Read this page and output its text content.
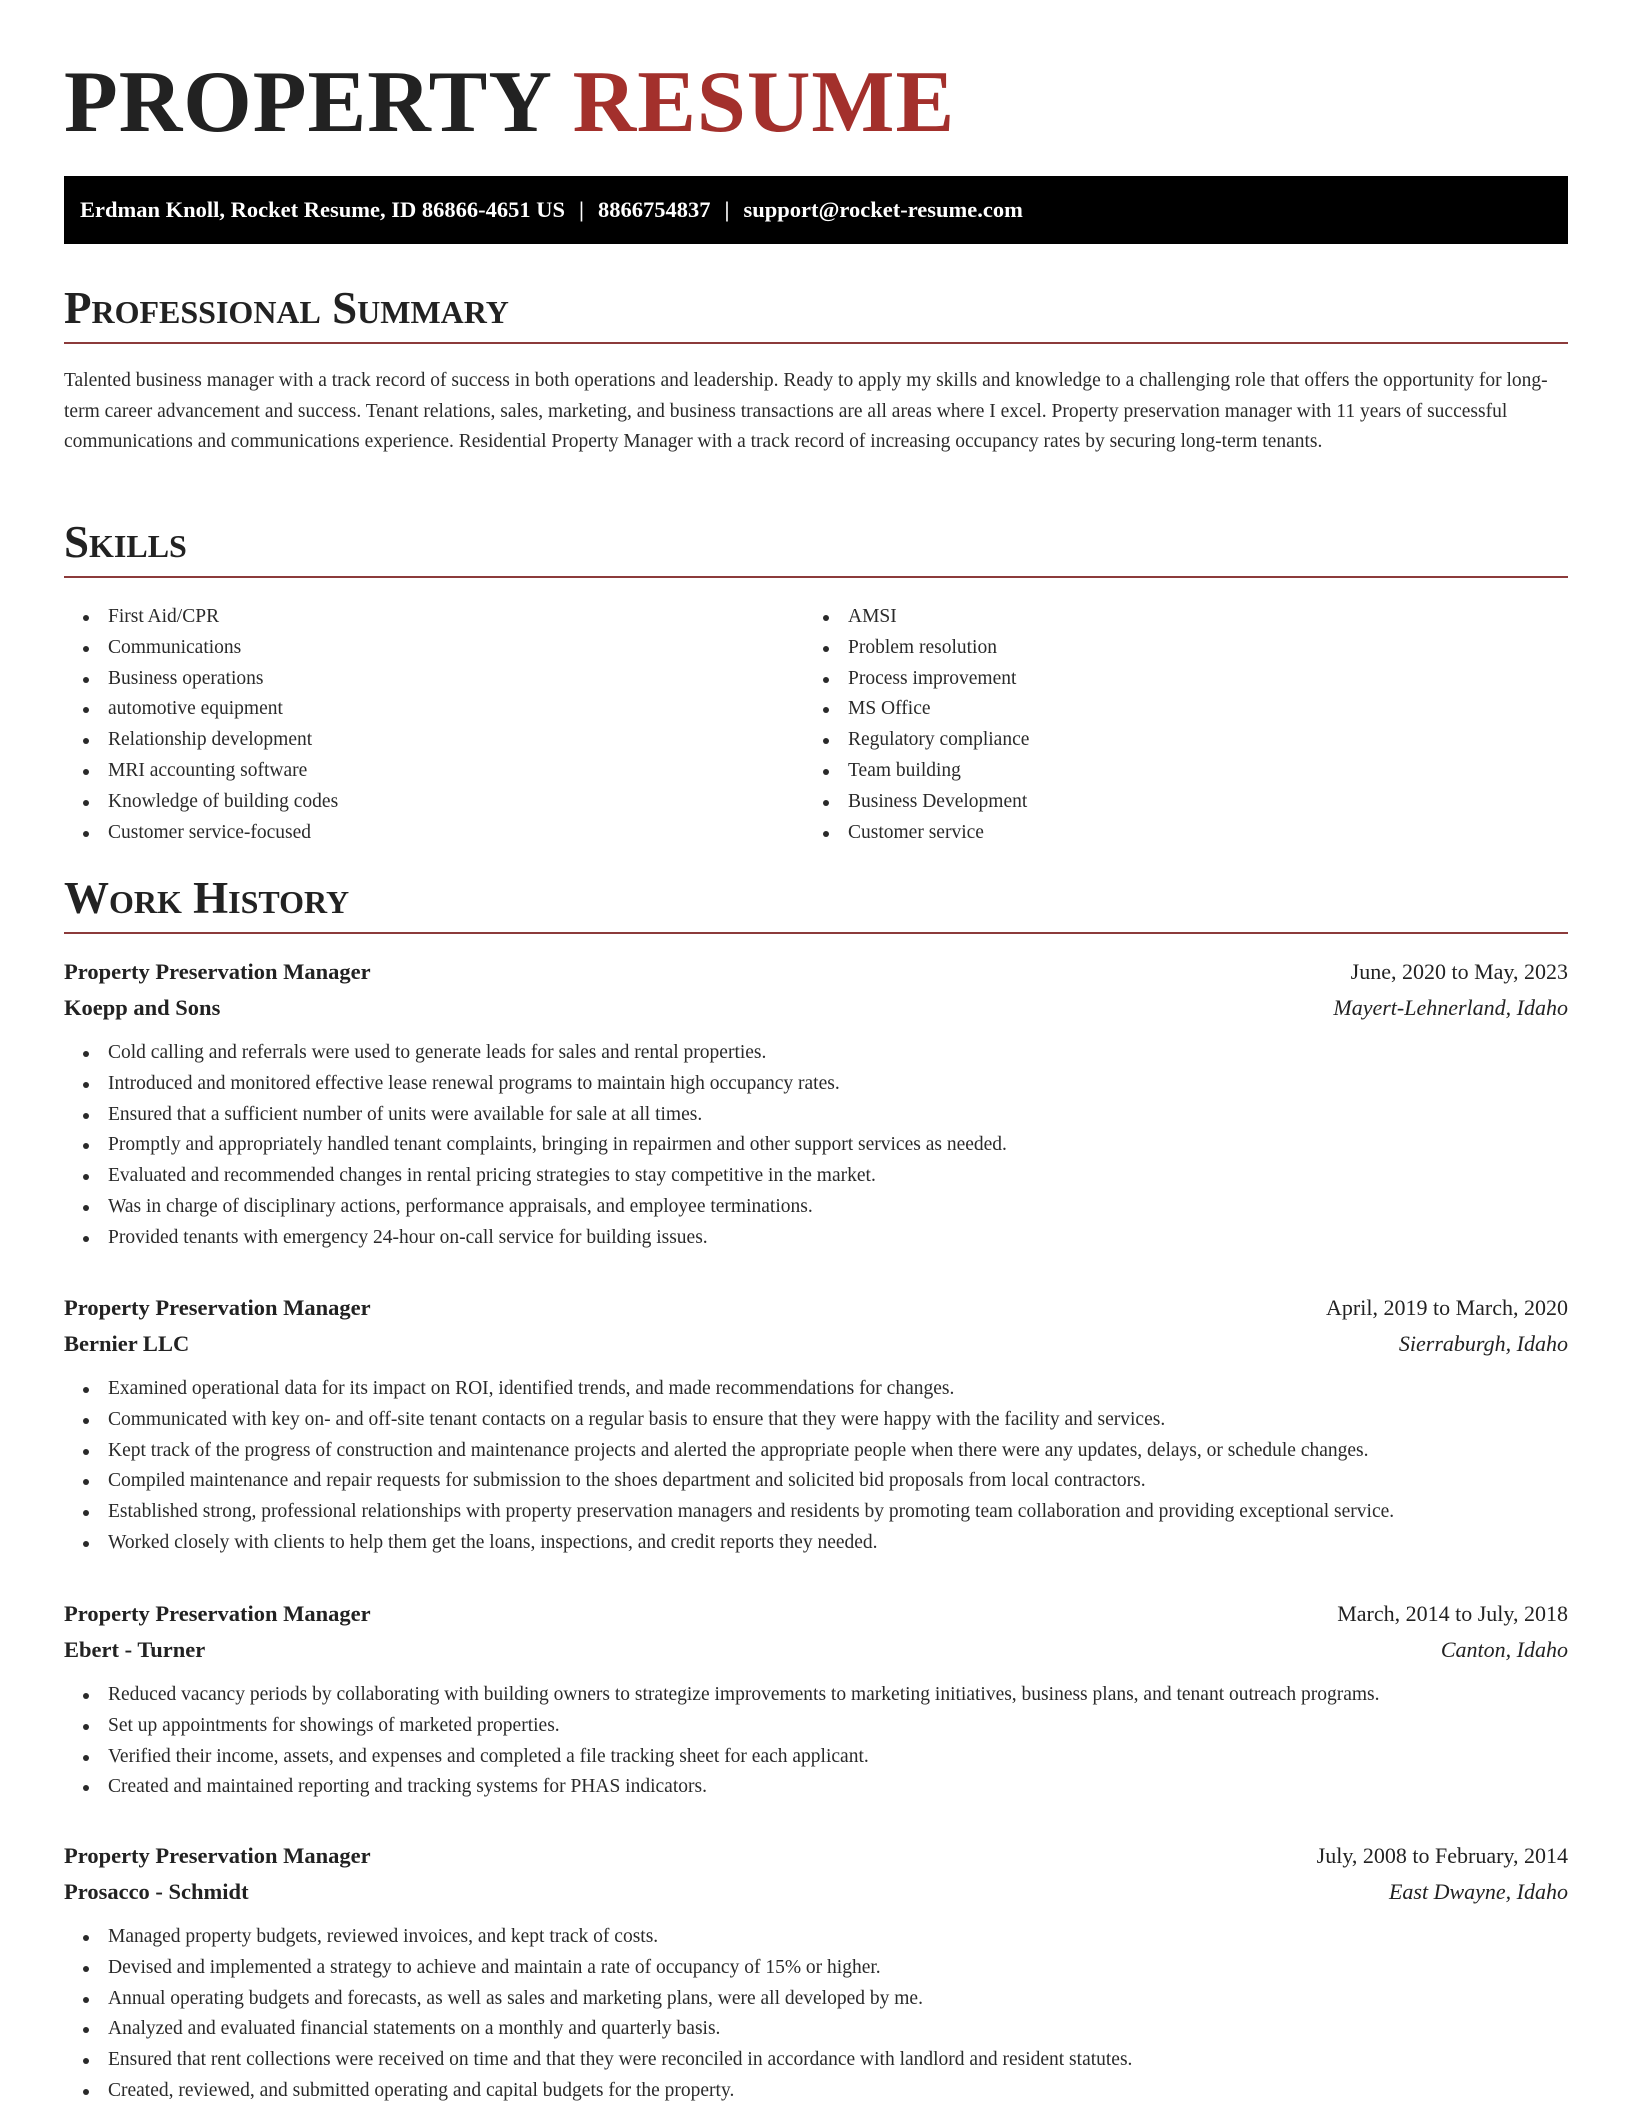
PROPERTY RESUME
Erdman Knoll, Rocket Resume, ID 86866-4651 US | 8866754837 | support@rocket-resume.com
Professional Summary

Talented business manager with a track record of success in both operations and leadership. Ready to apply my skills and knowledge to a challenging role that offers the opportunity for long-term career advancement and success. Tenant relations, sales, marketing, and business transactions are all areas where I excel. Property preservation manager with 11 years of successful communications and communications experience. Residential Property Manager with a track record of increasing occupancy rates by securing long-term tenants.

Skills
First Aid/CPR
Communications
Business operations
automotive equipment
Relationship development
MRI accounting software
Knowledge of building codes
Customer service-focused
AMSI
Problem resolution
Process improvement
MS Office
Regulatory compliance
Team building
Business Development
Customer service
Work History
Property Preservation Manager	June, 2020 to May, 2023
Koepp and Sons	Mayert-Lehnerland, Idaho
Cold calling and referrals were used to generate leads for sales and rental properties.
Introduced and monitored effective lease renewal programs to maintain high occupancy rates.
Ensured that a sufficient number of units were available for sale at all times.
Promptly and appropriately handled tenant complaints, bringing in repairmen and other support services as needed.
Evaluated and recommended changes in rental pricing strategies to stay competitive in the market.
Was in charge of disciplinary actions, performance appraisals, and employee terminations.
Provided tenants with emergency 24-hour on-call service for building issues.
Property Preservation Manager	April, 2019 to March, 2020
Bernier LLC	Sierraburgh, Idaho
Examined operational data for its impact on ROI, identified trends, and made recommendations for changes.
Communicated with key on- and off-site tenant contacts on a regular basis to ensure that they were happy with the facility and services.
Kept track of the progress of construction and maintenance projects and alerted the appropriate people when there were any updates, delays, or schedule changes.
Compiled maintenance and repair requests for submission to the shoes department and solicited bid proposals from local contractors.
Established strong, professional relationships with property preservation managers and residents by promoting team collaboration and providing exceptional service.
Worked closely with clients to help them get the loans, inspections, and credit reports they needed.
Property Preservation Manager	March, 2014 to July, 2018
Ebert - Turner	Canton, Idaho
Reduced vacancy periods by collaborating with building owners to strategize improvements to marketing initiatives, business plans, and tenant outreach programs.
Set up appointments for showings of marketed properties.
Verified their income, assets, and expenses and completed a file tracking sheet for each applicant.
Created and maintained reporting and tracking systems for PHAS indicators.
Property Preservation Manager	July, 2008 to February, 2014
Prosacco - Schmidt	East Dwayne, Idaho
Managed property budgets, reviewed invoices, and kept track of costs.
Devised and implemented a strategy to achieve and maintain a rate of occupancy of 15% or higher.
Annual operating budgets and forecasts, as well as sales and marketing plans, were all developed by me.
Analyzed and evaluated financial statements on a monthly and quarterly basis.
Ensured that rent collections were received on time and that they were reconciled in accordance with landlord and resident statutes.
Created, reviewed, and submitted operating and capital budgets for the property.
